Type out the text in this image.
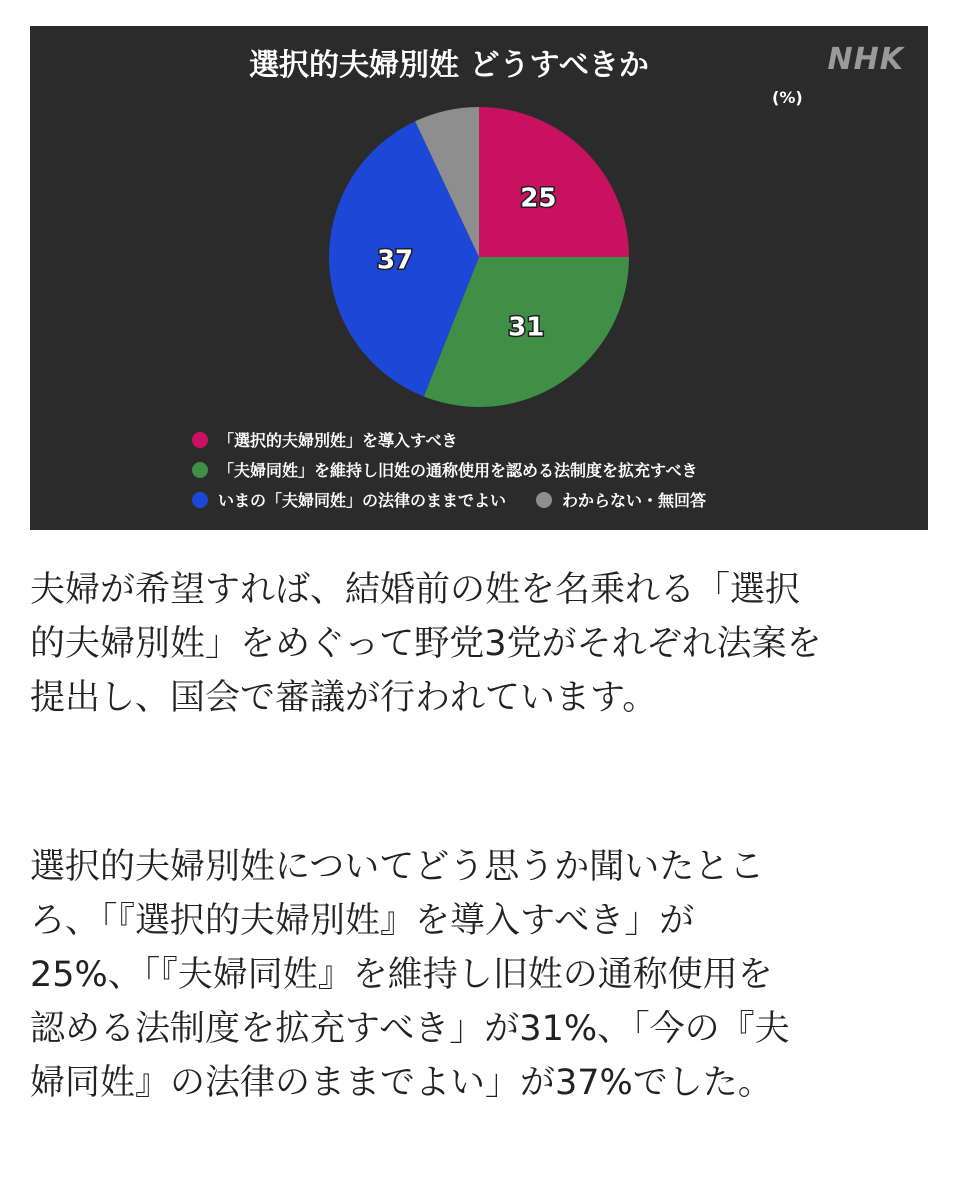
25
31
37
NHK
(%)
「選択的夫婦別姓」を導入すべき
「夫婦同姓」を維持し旧姓の通称使用を認める法制度を拡充すべき
いまの「夫婦同姓」の法律のままでよい	わからない・無回答
選択的夫婦別姓 どうすべきか
夫婦が希望すれば、結婚前の姓を名乗れる「選択
的夫婦別姓」をめぐって野党3党がそれぞれ法案を
提出し、国会で審議が行われています。
選択的夫婦別姓についてどう思うか聞いたとこ
ろ、「『選択的夫婦別姓』を導入すべき」が
25%、「『夫婦同姓』を維持し旧姓の通称使用を
認める法制度を拡充すべき」が31%、「今の『夫
婦同姓』の法律のままでよい」が37%でした。
